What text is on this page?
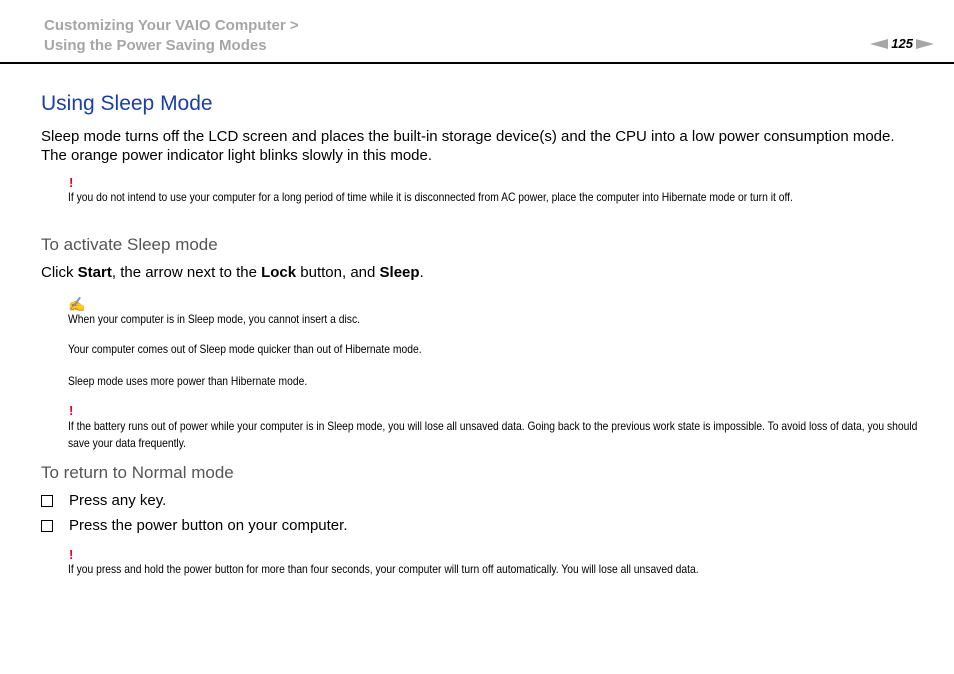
Customizing Your VAIO Computer >
Using the Power Saving Modes	125
Using Sleep Mode
Sleep mode turns off the LCD screen and places the built-in storage device(s) and the CPU into a low power consumption mode. The orange power indicator light blinks slowly in this mode.
!
If you do not intend to use your computer for a long period of time while it is disconnected from AC power, place the computer into Hibernate mode or turn it off.
To activate Sleep mode
Click Start, the arrow next to the Lock button, and Sleep.
✍
When your computer is in Sleep mode, you cannot insert a disc.
Your computer comes out of Sleep mode quicker than out of Hibernate mode.
Sleep mode uses more power than Hibernate mode.
!
If the battery runs out of power while your computer is in Sleep mode, you will lose all unsaved data. Going back to the previous work state is impossible. To avoid loss of data, you should save your data frequently.
To return to Normal mode
Press any key.
Press the power button on your computer.
!
If you press and hold the power button for more than four seconds, your computer will turn off automatically. You will lose all unsaved data.
